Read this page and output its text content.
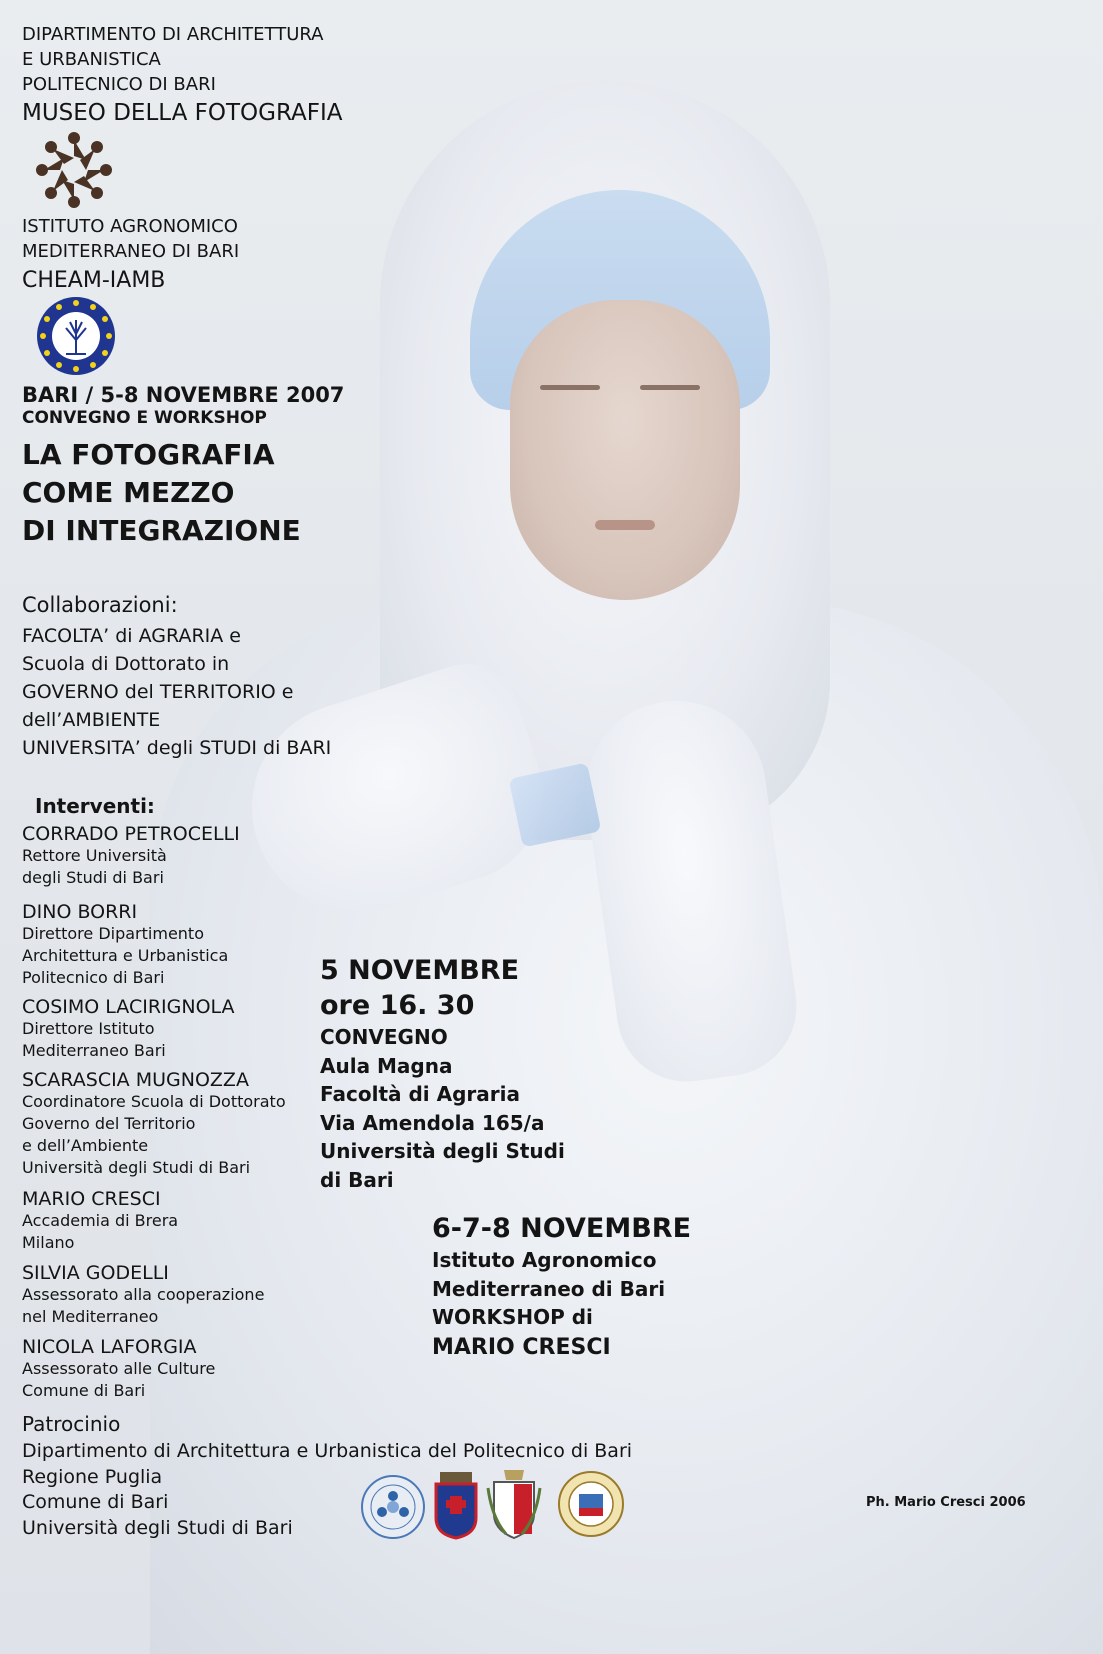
DIPARTIMENTO DI ARCHITETTURA
E URBANISTICA
POLITECNICO DI BARI
MUSEO DELLA FOTOGRAFIA
ISTITUTO AGRONOMICO
MEDITERRANEO DI BARI
CHEAM-IAMB
BARI / 5-8 NOVEMBRE 2007
CONVEGNO E WORKSHOP
LA FOTOGRAFIA
COME MEZZO
DI INTEGRAZIONE
Collaborazioni:
FACOLTA’ di AGRARIA e
Scuola di Dottorato in
GOVERNO del TERRITORIO e
dell’AMBIENTE
UNIVERSITA’ degli STUDI di BARI
Interventi:
CORRADO PETROCELLI
Rettore Università
degli Studi di Bari
DINO BORRI
Direttore Dipartimento
Architettura e Urbanistica
Politecnico di Bari
COSIMO LACIRIGNOLA
Direttore Istituto
Mediterraneo Bari
SCARASCIA MUGNOZZA
Coordinatore Scuola di Dottorato
Governo del Territorio
e dell’Ambiente
Università degli Studi di Bari
MARIO CRESCI
Accademia di Brera
Milano
SILVIA GODELLI
Assessorato alla cooperazione
nel Mediterraneo
NICOLA LAFORGIA
Assessorato alle Culture
Comune di Bari
5 NOVEMBRE
ore 16. 30
CONVEGNO
Aula Magna
Facoltà di Agraria
Via Amendola 165/a
Università degli Studi
di Bari
6-7-8 NOVEMBRE
Istituto Agronomico
Mediterraneo di Bari
WORKSHOP di
MARIO CRESCI
Patrocinio
Dipartimento di Architettura e Urbanistica del Politecnico di Bari
Regione Puglia
Comune di Bari
Università degli Studi di Bari
Ph. Mario Cresci 2006
